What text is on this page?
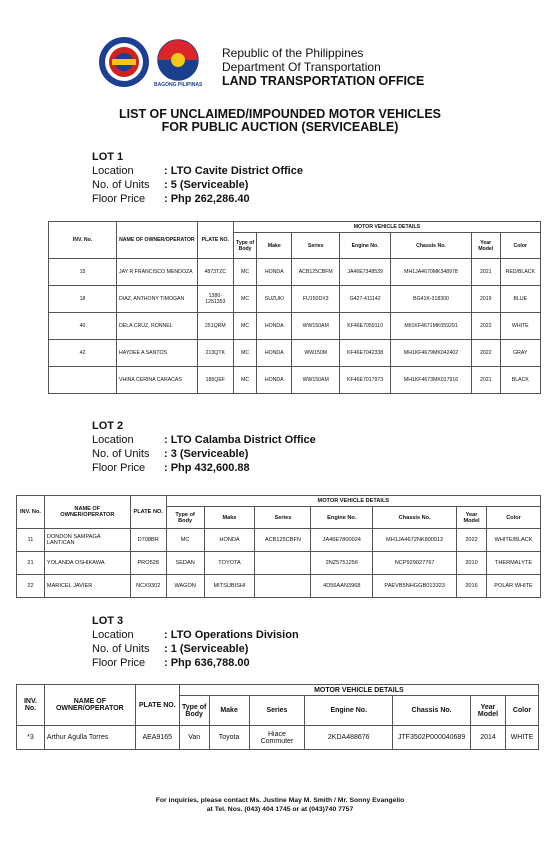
BAGONG PILIPINAS
Republic of the Philippines
Department Of Transportation
LAND TRANSPORTATION OFFICE
LIST OF UNCLAIMED/IMPOUNDED MOTOR VEHICLES
FOR PUBLIC AUCTION (SERVICEABLE)
LOT 1
Location	: LTO Cavite District Office
No. of Units	: 5 (Serviceable)
Floor Price	: Php 262,286.40
INV. No.	NAME OF OWNER/OPERATOR	PLATE NO.	MOTOR VEHICLE DETAILS						
			Type of Body	Make	Series	Engine No.	Chassis No.	Year Model	Color
15	JAY R FRANCISCO MENDOZA	4873TZC	MC	HONDA	ACB125CBFM	JA46E7348539	MH1JA4670MK348978	2021	RED/BLACK
18	DIAZ, ANTHONY TIMOGAN	1380-1251353	MC	SUZUKI	FU150DX3	G427-411142	BG41K-318300	2019	BLUE
40	DELA CRUZ, RONNEL	251QRM	MC	HONDA	WW150AM	KF46E7059110	MII1KF4671MK059291	2022	WHITE
42	HAYDEE A SANTOS	213QTK	MC	HONDA	WW150M	KF46E7042338	MH1KF4679MK042402	2022	GRAY
	VHINA CERINA CARACAS	186QEF	MC	HONDA	WW150AM	KF46E7017973	MH1KF4673MK017916	2021	BLACK
LOT 2
Location	: LTO Calamba District Office
No. of Units	: 3 (Serviceable)
Floor Price	: Php 432,600.88
INV. No.	NAME OF OWNER/OPERATOR	PLATE NO.	MOTOR VEHICLE DETAILS						
			Type of Body	Make	Series	Engine No.	Chassis No.	Year Model	Color
11	DONDON SAMPAGA LANTICAN	D708BR	MC	HONDA	ACB125CBFN	JA46E7800024	MH1JA4672NK800012	2022	WHITE/BLACK
21	YOLANDA OSHIKAWA	PRO528	SEDAN	TOYOTA		2NZ5751256	NCP929027767	2010	THERMALYTE
22	MARICEL JAVIER	NCX9302	WAGON	MITSUBISHI		4D56AAN3968	PAEVB5NHGGB013323	2016	POLAR WHITE
LOT 3
Location	: LTO Operations Division
No. of Units	: 1 (Serviceable)
Floor Price	: Php 636,788.00
INV. No.	NAME OF OWNER/OPERATOR	PLATE NO.	MOTOR VEHICLE DETAILS						
			Type of Body	Make	Series	Engine No.	Chassis No.	Year Model	Color
*3	Arthur Agulla Torres	AEA9165	Van	Toyota	Hiace Commuter	2KDA488676	JTF3502P000040689	2014	WHITE
For inquiries, please contact Ms. Justine May M. Smith / Mr. Sonny Evangelio
at Tel. Nos. (043) 404 1745 or at (043)740 7757
